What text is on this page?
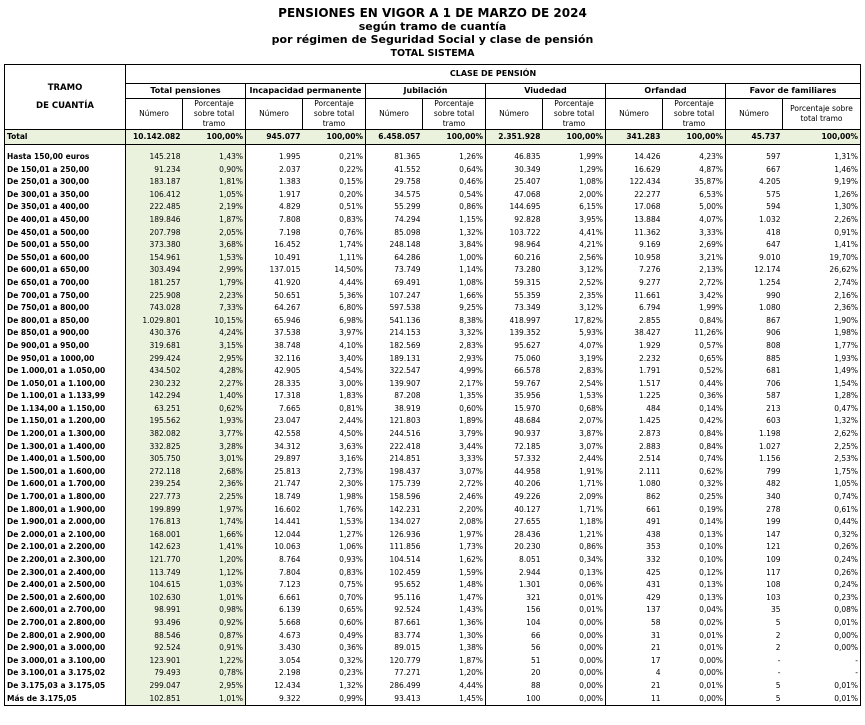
PENSIONES EN VIGOR A 1 DE MARZO DE 2024
según tramo de cuantía
por régimen de Seguridad Social y clase de pensión
TOTAL SISTEMA
TRAMO
DE CUANTÍA	CLASE DE PENSIÓN											
	Total pensiones		Incapacidad permanente		Jubilación		Viudedad		Orfandad		Favor de familiares	
	Número	Porcentaje sobre total tramo	Número	Porcentaje sobre total tramo	Número	Porcentaje sobre total tramo	Número	Porcentaje sobre total tramo	Número	Porcentaje sobre total tramo	Número	Porcentaje sobre total tramo
Total	10.142.082	100,00%	945.077	100,00%	6.458.057	100,00%	2.351.928	100,00%	341.283	100,00%	45.737	100,00%

Hasta 150,00 euros	145.218	1,43%	1.995	0,21%	81.365	1,26%	46.835	1,99%	14.426	4,23%	597	1,31%
De 150,01 a 250,00	91.234	0,90%	2.037	0,22%	41.552	0,64%	30.349	1,29%	16.629	4,87%	667	1,46%
De 250,01 a 300,00	183.187	1,81%	1.383	0,15%	29.758	0,46%	25.407	1,08%	122.434	35,87%	4.205	9,19%
De 300,01 a 350,00	106.412	1,05%	1.917	0,20%	34.575	0,54%	47.068	2,00%	22.277	6,53%	575	1,26%
De 350,01 a 400,00	222.485	2,19%	4.829	0,51%	55.299	0,86%	144.695	6,15%	17.068	5,00%	594	1,30%
De 400,01 a 450,00	189.846	1,87%	7.808	0,83%	74.294	1,15%	92.828	3,95%	13.884	4,07%	1.032	2,26%
De 450,01 a 500,00	207.798	2,05%	7.198	0,76%	85.098	1,32%	103.722	4,41%	11.362	3,33%	418	0,91%
De 500,01 a 550,00	373.380	3,68%	16.452	1,74%	248.148	3,84%	98.964	4,21%	9.169	2,69%	647	1,41%
De 550,01 a 600,00	154.961	1,53%	10.491	1,11%	64.286	1,00%	60.216	2,56%	10.958	3,21%	9.010	19,70%
De 600,01 a 650,00	303.494	2,99%	137.015	14,50%	73.749	1,14%	73.280	3,12%	7.276	2,13%	12.174	26,62%
De 650,01 a 700,00	181.257	1,79%	41.920	4,44%	69.491	1,08%	59.315	2,52%	9.277	2,72%	1.254	2,74%
De 700,01 a 750,00	225.908	2,23%	50.651	5,36%	107.247	1,66%	55.359	2,35%	11.661	3,42%	990	2,16%
De 750,01 a 800,00	743.028	7,33%	64.267	6,80%	597.538	9,25%	73.349	3,12%	6.794	1,99%	1.080	2,36%
De 800,01 a 850,00	1.029.801	10,15%	65.946	6,98%	541.136	8,38%	418.997	17,82%	2.855	0,84%	867	1,90%
De 850,01 a 900,00	430.376	4,24%	37.538	3,97%	214.153	3,32%	139.352	5,93%	38.427	11,26%	906	1,98%
De 900,01 a 950,00	319.681	3,15%	38.748	4,10%	182.569	2,83%	95.627	4,07%	1.929	0,57%	808	1,77%
De 950,01 a 1000,00	299.424	2,95%	32.116	3,40%	189.131	2,93%	75.060	3,19%	2.232	0,65%	885	1,93%
De 1.000,01 a 1.050,00	434.502	4,28%	42.905	4,54%	322.547	4,99%	66.578	2,83%	1.791	0,52%	681	1,49%
De 1.050,01 a 1.100,00	230.232	2,27%	28.335	3,00%	139.907	2,17%	59.767	2,54%	1.517	0,44%	706	1,54%
De 1.100,01 a 1.133,99	142.294	1,40%	17.318	1,83%	87.208	1,35%	35.956	1,53%	1.225	0,36%	587	1,28%
De 1.134,00 a 1.150,00	63.251	0,62%	7.665	0,81%	38.919	0,60%	15.970	0,68%	484	0,14%	213	0,47%
De 1.150,01 a 1.200,00	195.562	1,93%	23.047	2,44%	121.803	1,89%	48.684	2,07%	1.425	0,42%	603	1,32%
De 1.200,01 a 1.300,00	382.082	3,77%	42.558	4,50%	244.516	3,79%	90.937	3,87%	2.873	0,84%	1.198	2,62%
De 1.300,01 a 1.400,00	332.825	3,28%	34.312	3,63%	222.418	3,44%	72.185	3,07%	2.883	0,84%	1.027	2,25%
De 1.400,01 a 1.500,00	305.750	3,01%	29.897	3,16%	214.851	3,33%	57.332	2,44%	2.514	0,74%	1.156	2,53%
De 1.500,01 a 1.600,00	272.118	2,68%	25.813	2,73%	198.437	3,07%	44.958	1,91%	2.111	0,62%	799	1,75%
De 1.600,01 a 1.700,00	239.254	2,36%	21.747	2,30%	175.739	2,72%	40.206	1,71%	1.080	0,32%	482	1,05%
De 1.700,01 a 1.800,00	227.773	2,25%	18.749	1,98%	158.596	2,46%	49.226	2,09%	862	0,25%	340	0,74%
De 1.800,01 a 1.900,00	199.899	1,97%	16.602	1,76%	142.231	2,20%	40.127	1,71%	661	0,19%	278	0,61%
De 1.900,01 a 2.000,00	176.813	1,74%	14.441	1,53%	134.027	2,08%	27.655	1,18%	491	0,14%	199	0,44%
De 2.000,01 a 2.100,00	168.001	1,66%	12.044	1,27%	126.936	1,97%	28.436	1,21%	438	0,13%	147	0,32%
De 2.100,01 a 2.200,00	142.623	1,41%	10.063	1,06%	111.856	1,73%	20.230	0,86%	353	0,10%	121	0,26%
De 2.200,01 a 2.300,00	121.770	1,20%	8.764	0,93%	104.514	1,62%	8.051	0,34%	332	0,10%	109	0,24%
De 2.300,01 a 2.400,00	113.749	1,12%	7.804	0,83%	102.459	1,59%	2.944	0,13%	425	0,12%	117	0,26%
De 2.400,01 a 2.500,00	104.615	1,03%	7.123	0,75%	95.652	1,48%	1.301	0,06%	431	0,13%	108	0,24%
De 2.500,01 a 2.600,00	102.630	1,01%	6.661	0,70%	95.116	1,47%	321	0,01%	429	0,13%	103	0,23%
De 2.600,01 a 2.700,00	98.991	0,98%	6.139	0,65%	92.524	1,43%	156	0,01%	137	0,04%	35	0,08%
De 2.700,01 a 2.800,00	93.496	0,92%	5.668	0,60%	87.661	1,36%	104	0,00%	58	0,02%	5	0,01%
De 2.800,01 a 2.900,00	88.546	0,87%	4.673	0,49%	83.774	1,30%	66	0,00%	31	0,01%	2	0,00%
De 2.900,01 a 3.000,00	92.524	0,91%	3.430	0,36%	89.015	1,38%	56	0,00%	21	0,01%	2	0,00%
De 3.000,01 a 3.100,00	123.901	1,22%	3.054	0,32%	120.779	1,87%	51	0,00%	17	0,00%	-	-
De 3.100,01 a 3.175,02	79.493	0,78%	2.198	0,23%	77.271	1,20%	20	0,00%	4	0,00%	-	-
De 3.175,03 a 3.175,05	299.047	2,95%	12.434	1,32%	286.499	4,44%	88	0,00%	21	0,01%	5	0,01%
Más de 3.175,05	102.851	1,01%	9.322	0,99%	93.413	1,45%	100	0,00%	11	0,00%	5	0,01%
